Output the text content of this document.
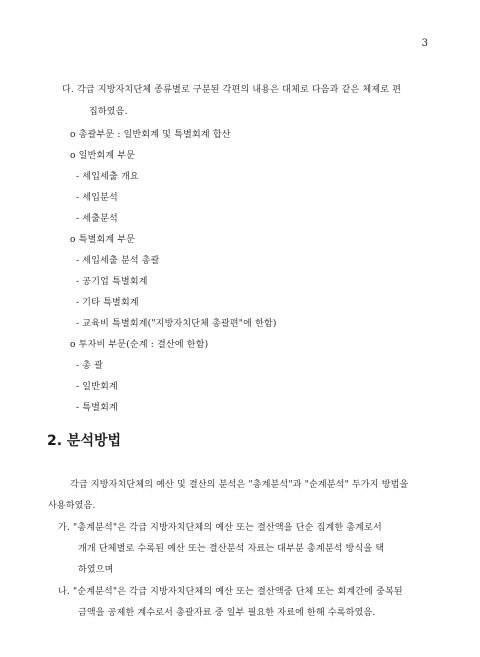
3
다. 각급 지방자치단체 종류별로 구분된 각편의 내용은 대체로 다음과 같은 체제로 편
집하였음.
o 총괄부문 : 일반회계 및 특별회계 합산
o 일반회계 부문
- 세입세출 개요
- 세입분석
- 세출분석
o 특별회계 부문
- 세입세출 분석 총괄
- 공기업 특별회계
- 기타 특별회계
- 교육비 특별회계("지방자치단체 총괄편"에 한함)
o 투자비 부문(순계 : 결산에 한함)
- 총 괄
- 일반회계
- 특별회계
2. 분석방법
각급 지방자치단체의 예산 및 결산의 분석은 "총계분석"과 "순계분석" 두가지 방법을
사용하였음.
가. "총계분석"은 각급 지방자치단체의 예산 또는 결산액을 단순 집계한 총계로서
개개 단체별로 수록된 예산 또는 결산분석 자료는 대부분 총계분석 방식을 택
하였으며
나. "순계분석"은 각급 지방자치단체의 예산 또는 결산액중 단체 또는 회계간에 중복된
금액을 공제한 계수로서 총괄자료 중 일부 필요한 자료에 한해 수록하였음.
